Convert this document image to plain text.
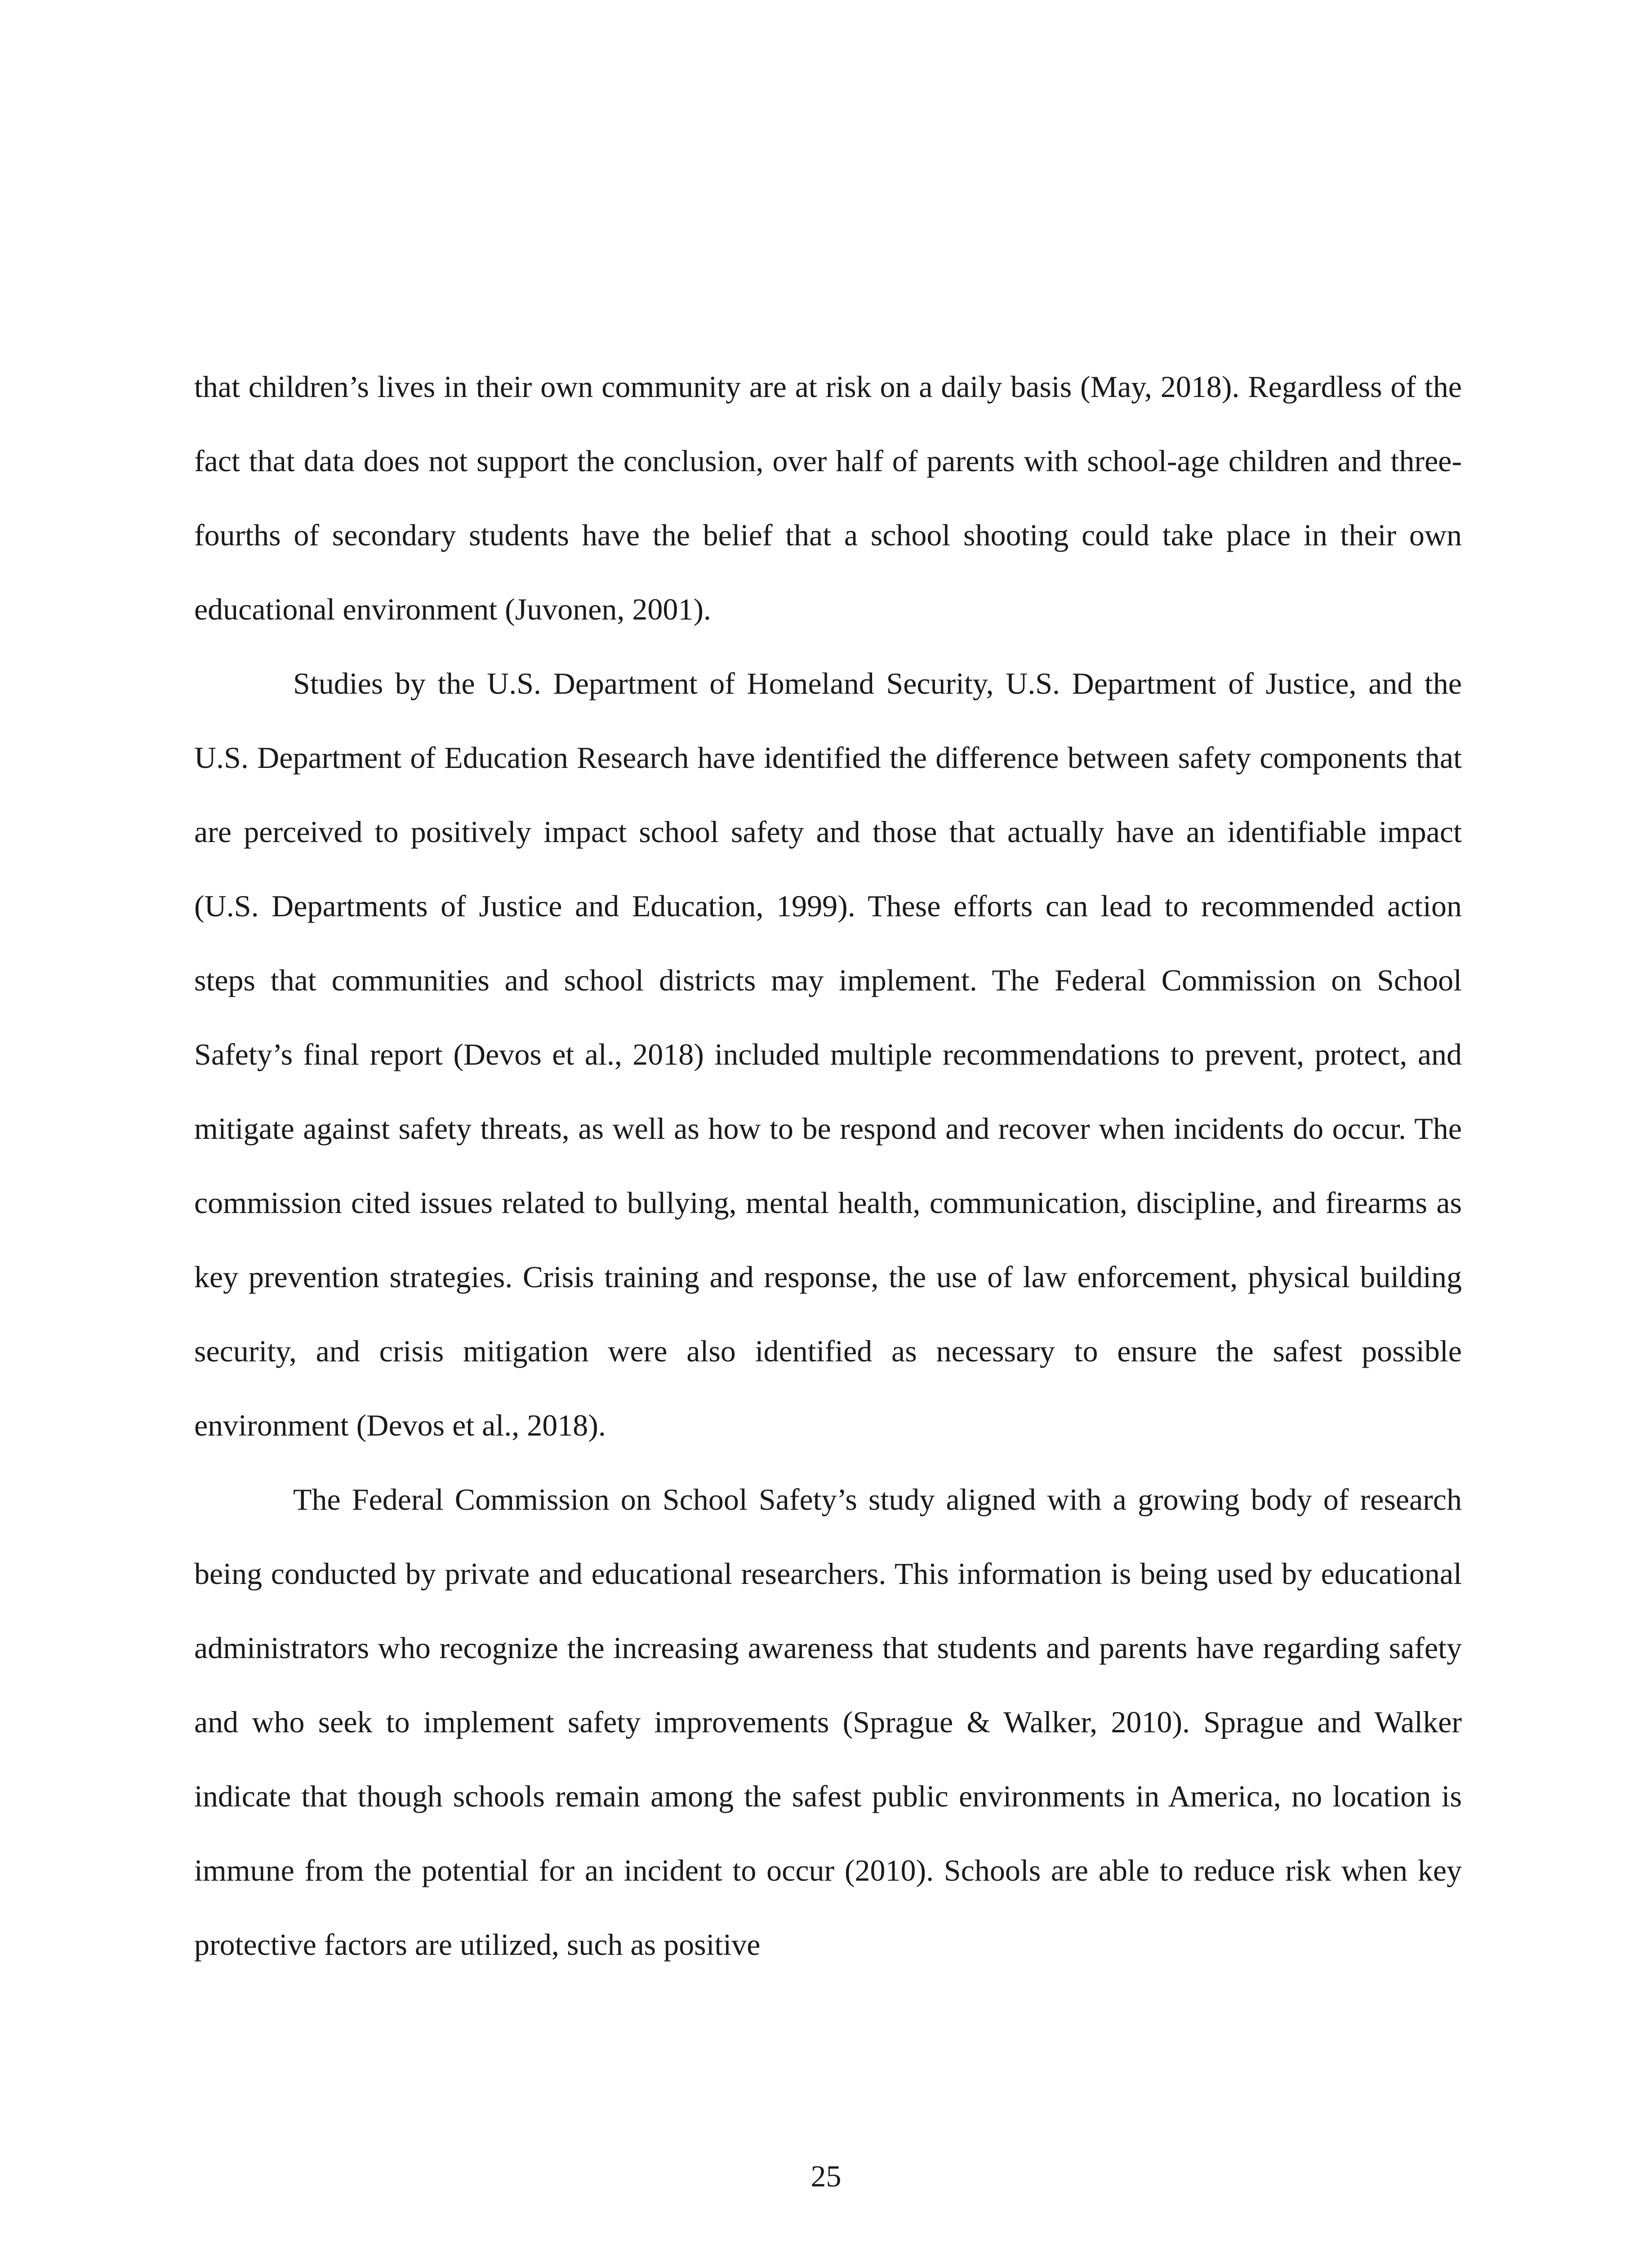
that children’s lives in their own community are at risk on a daily basis (May, 2018). Regardless of the fact that data does not support the conclusion, over half of parents with school-age children and three-fourths of secondary students have the belief that a school shooting could take place in their own educational environment (Juvonen, 2001).

Studies by the U.S. Department of Homeland Security, U.S. Department of Justice, and the U.S. Department of Education Research have identified the difference between safety components that are perceived to positively impact school safety and those that actually have an identifiable impact (U.S. Departments of Justice and Education, 1999). These efforts can lead to recommended action steps that communities and school districts may implement. The Federal Commission on School Safety’s final report (Devos et al., 2018) included multiple recommendations to prevent, protect, and mitigate against safety threats, as well as how to be respond and recover when incidents do occur. The commission cited issues related to bullying, mental health, communication, discipline, and firearms as key prevention strategies. Crisis training and response, the use of law enforcement, physical building security, and crisis mitigation were also identified as necessary to ensure the safest possible environment (Devos et al., 2018).

The Federal Commission on School Safety’s study aligned with a growing body of research being conducted by private and educational researchers. This information is being used by educational administrators who recognize the increasing awareness that students and parents have regarding safety and who seek to implement safety improvements (Sprague & Walker, 2010). Sprague and Walker indicate that though schools remain among the safest public environments in America, no location is immune from the potential for an incident to occur (2010). Schools are able to reduce risk when key protective factors are utilized, such as positive

25
